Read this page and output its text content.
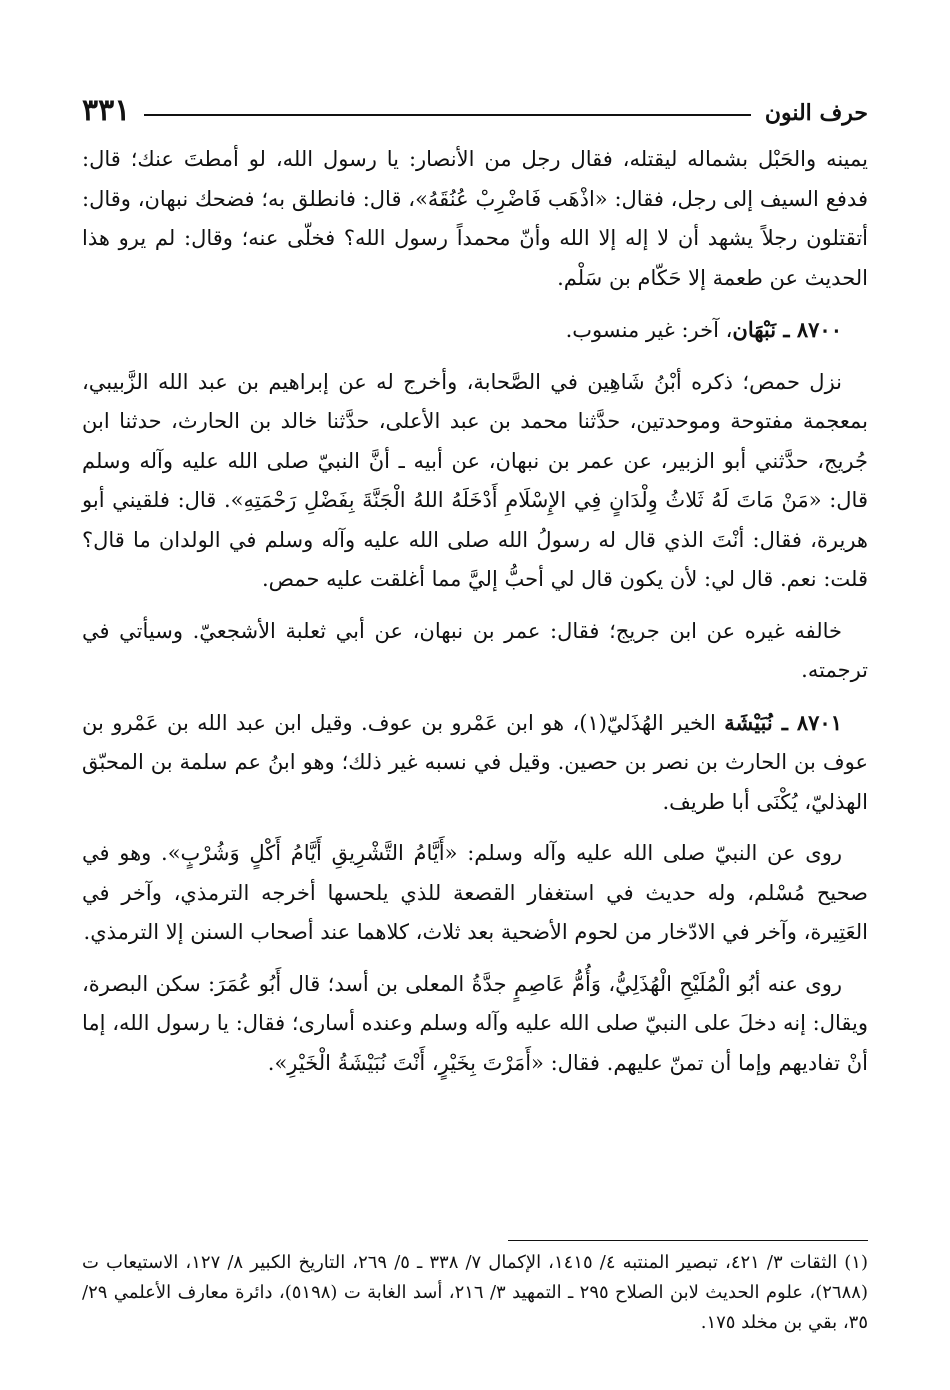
حرف النون
٣٣١

يمينه والحَبْل بشماله ليقتله، فقال رجل من الأنصار: يا رسول الله، لو أمطتَ عنك؛ قال: فدفع السيف إلى رجل، فقال: «اذْهَب فَاضْرِبْ عُنُقَهُ»، قال: فانطلق به؛ فضحك نبهان، وقال: أتقتلون رجلاً يشهد أن لا إله إلا الله وأنّ محمداً رسول الله؟ فخلّى عنه؛ وقال: لم يرو هذا الحديث عن طعمة إلا حَكّام بن سَلْم.

٨٧٠٠ ـ نَبْهَان، آخر: غير منسوب.

نزل حمص؛ ذكره أبْنُ شَاهِين في الصَّحابة، وأخرج له عن إبراهيم بن عبد الله الزَّبيبي، بمعجمة مفتوحة وموحدتين، حدَّثنا محمد بن عبد الأعلى، حدَّثنا خالد بن الحارث، حدثنا ابن جُريج، حدَّثني أبو الزبير، عن عمر بن نبهان، عن أبيه ـ أنَّ النبيّ صلى الله عليه وآله وسلم قال: «مَنْ مَاتَ لَهُ ثَلاثُ وِلْدَانٍ فِي الإِسْلَامِ أَدْخَلَهُ اللهُ الْجَنَّةَ بِفَضْلِ رَحْمَتِهِ». قال: فلقيني أبو هريرة، فقال: أنْتَ الذي قال له رسولُ الله صلى الله عليه وآله وسلم في الولدان ما قال؟ قلت: نعم. قال لي: لأن يكون قال لي أحبُّ إليَّ مما أغلقت عليه حمص.

خالفه غيره عن ابن جريج؛ فقال: عمر بن نبهان، عن أبي ثعلبة الأشجعيّ. وسيأتي في ترجمته.

٨٧٠١ ـ نُبَيْشَة الخير الهُذَليّ(١)، هو ابن عَمْرو بن عوف. وقيل ابن عبد الله بن عَمْرو بن عوف بن الحارث بن نصر بن حصين. وقيل في نسبه غير ذلك؛ وهو ابنُ عم سلمة بن المحبّق الهذليّ، يُكْنَى أبا طريف.

روى عن النبيّ صلى الله عليه وآله وسلم: «أَيَّامُ التَّشْرِيقِ أَيَّامُ أَكْلٍ وَشُرْبٍ». وهو في صحيح مُسْلم، وله حديث في استغفار القصعة للذي يلحسها أخرجه الترمذي، وآخر في العَتِيرة، وآخر في الادّخار من لحوم الأضحية بعد ثلاث، كلاهما عند أصحاب السنن إلا الترمذي.

روى عنه أبُو الْمُلَيْحِ الْهُذَلِيُّ، وَأُمُّ عَاصِمٍ جدَّةُ المعلى بن أسد؛ قال أَبُو عُمَرَ: سكن البصرة، ويقال: إنه دخلَ على النبيّ صلى الله عليه وآله وسلم وعنده أسارى؛ فقال: يا رسول الله، إما أنْ تفاديهم وإما أن تمنّ عليهم. فقال: «أَمَرْتَ بِخَيْرٍ، أَنْتَ نُبَيْشَةُ الْخَيْرِ».

(١) الثقات ٣/ ٤٢١، تبصير المنتبه ٤/ ١٤١٥، الإكمال ٧/ ٣٣٨ ـ ٥/ ٢٦٩، التاريخ الكبير ٨/ ١٢٧، الاستيعاب ت (٢٦٨٨)، علوم الحديث لابن الصلاح ٢٩٥ ـ التمهيد ٣/ ٢١٦، أسد الغابة ت (٥١٩٨)، دائرة معارف الأعلمي ٢٩/ ٣٥، بقي بن مخلد ١٧٥.
